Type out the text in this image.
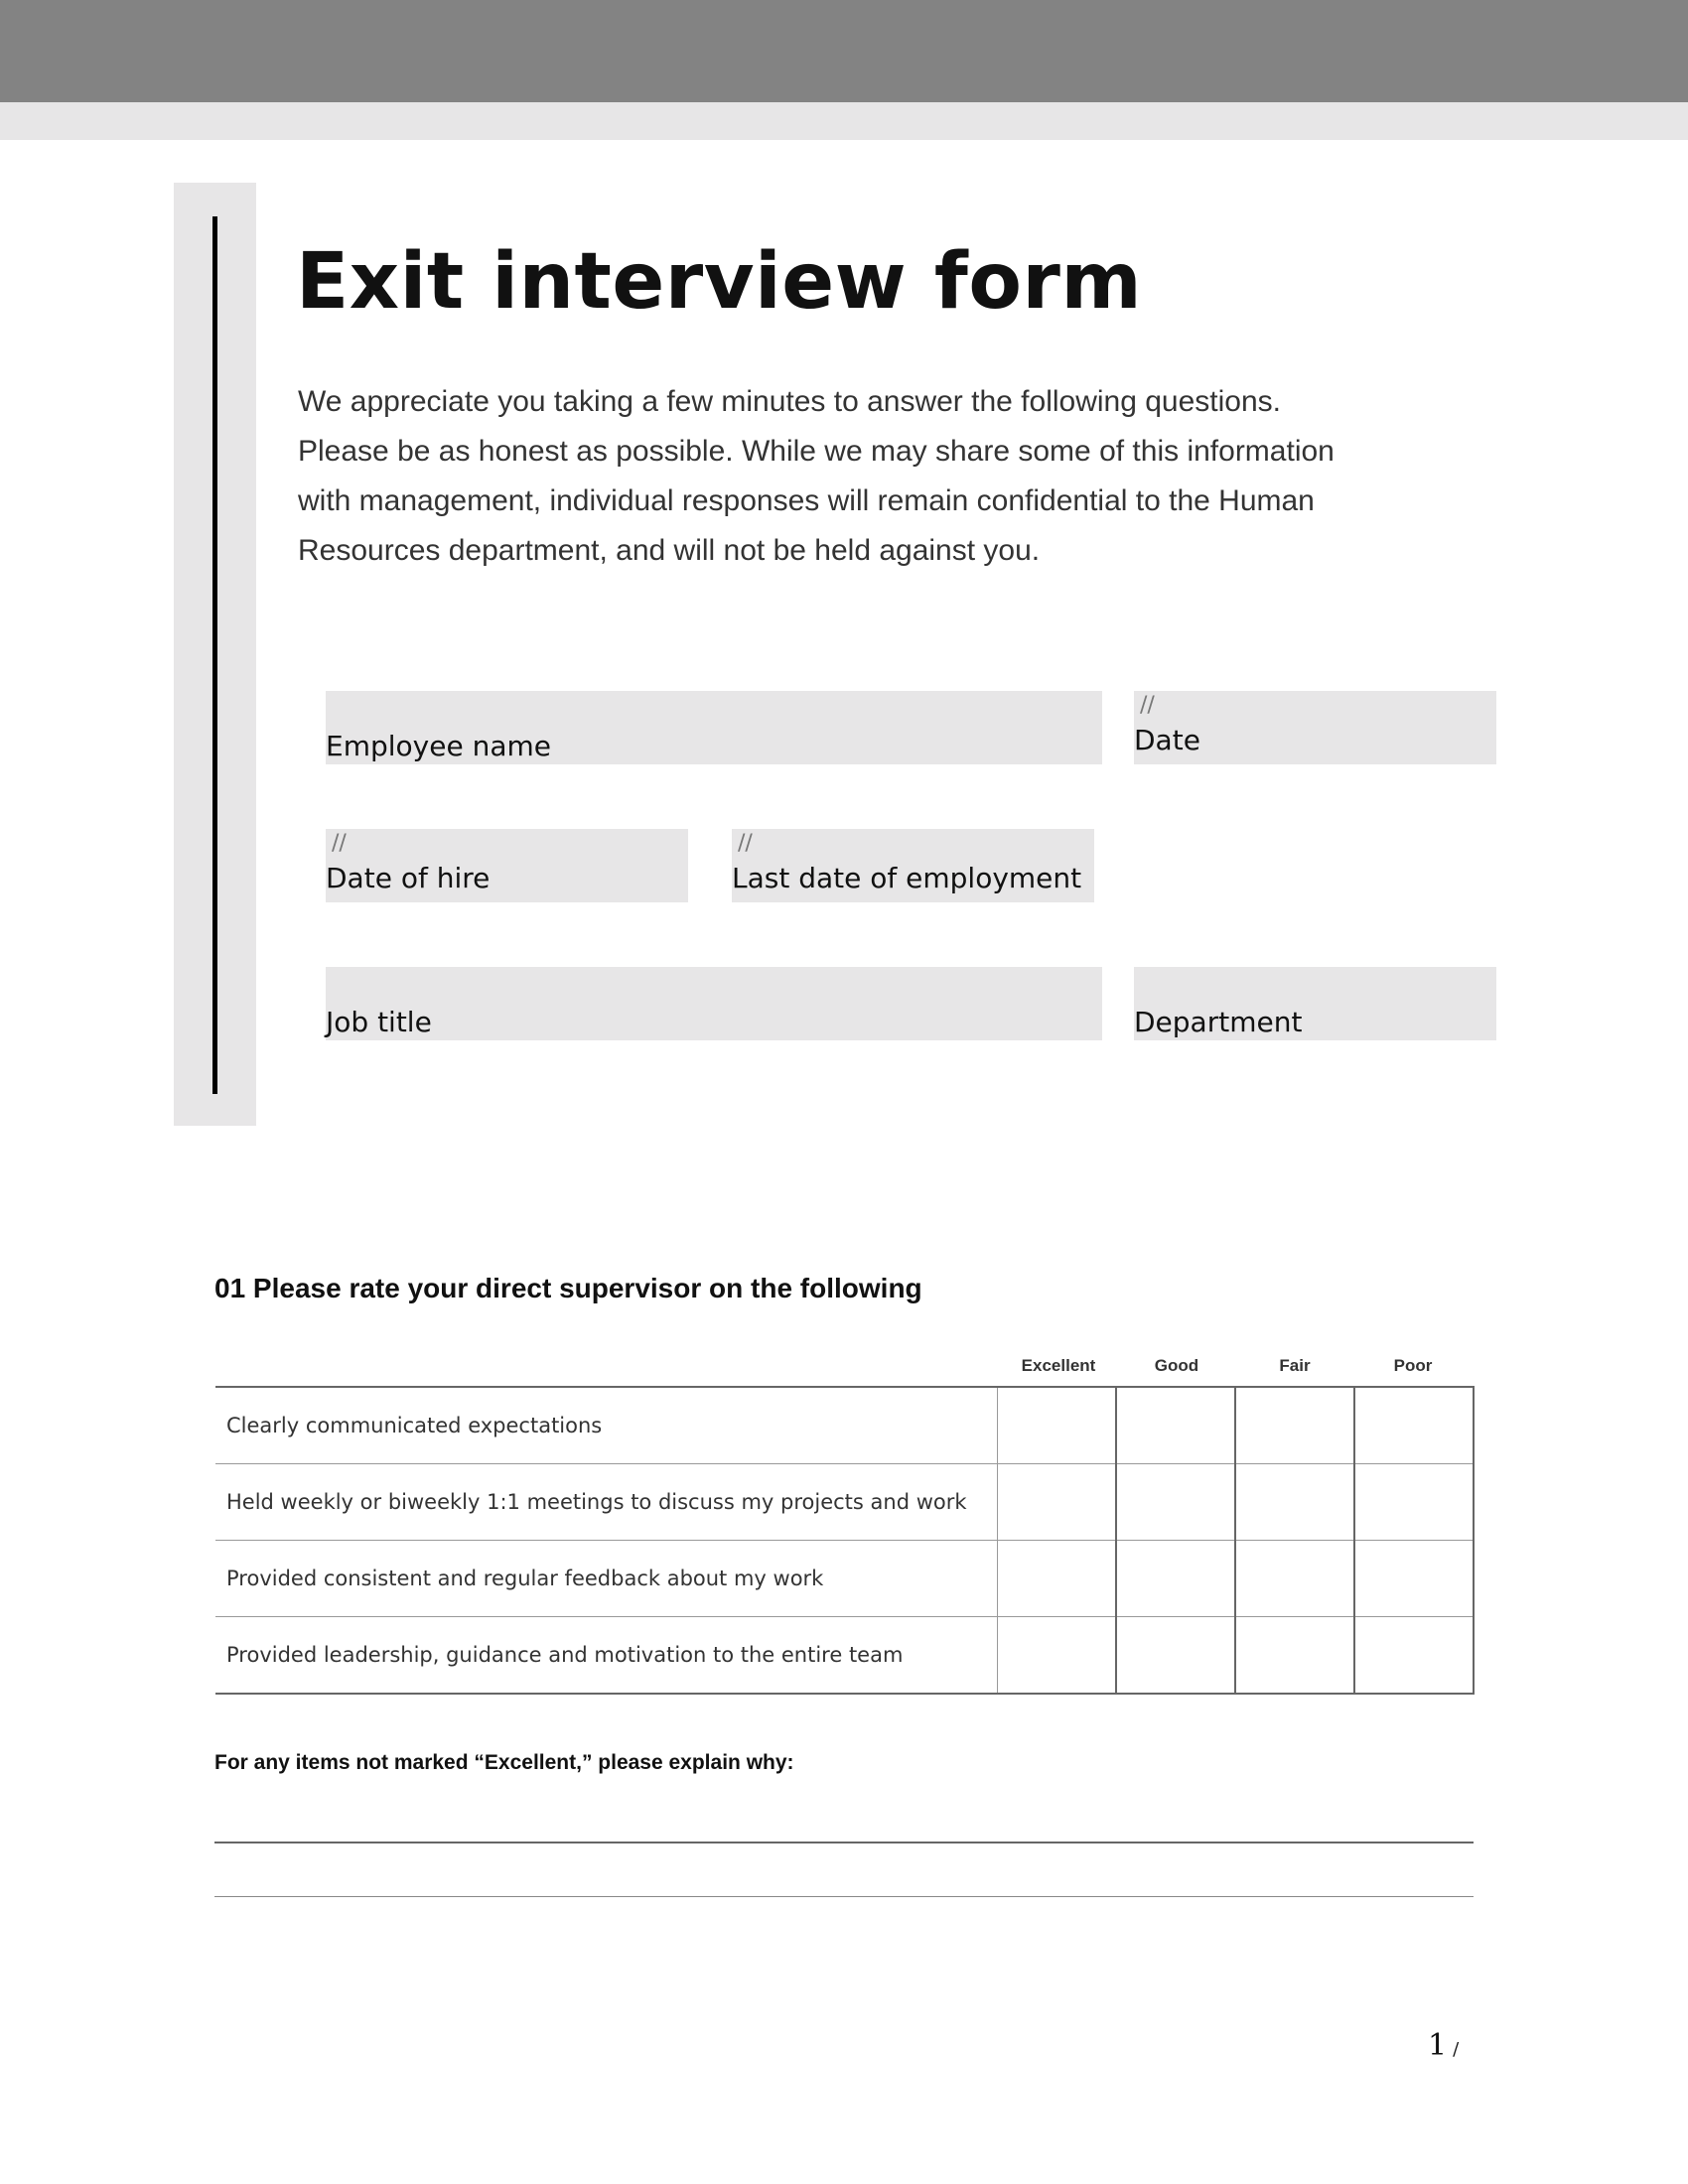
Exit interview form
We appreciate you taking a few minutes to answer the following questions.
Please be as honest as possible. While we may share some of this information
with management, individual responses will remain confidential to the Human
Resources department, and will not be held against you.
Employee name
//
Date
//
Date of hire
//
Last date of employment
Job title	Department
01 Please rate your direct supervisor on the following
Excellent	Good	Fair	Poor
Clearly communicated expectations				
Held weekly or biweekly 1:1 meetings to discuss my projects and work				
Provided consistent and regular feedback about my work				
Provided leadership, guidance and motivation to the entire team				

For any items not marked “Excellent,” please explain why:

1 /
